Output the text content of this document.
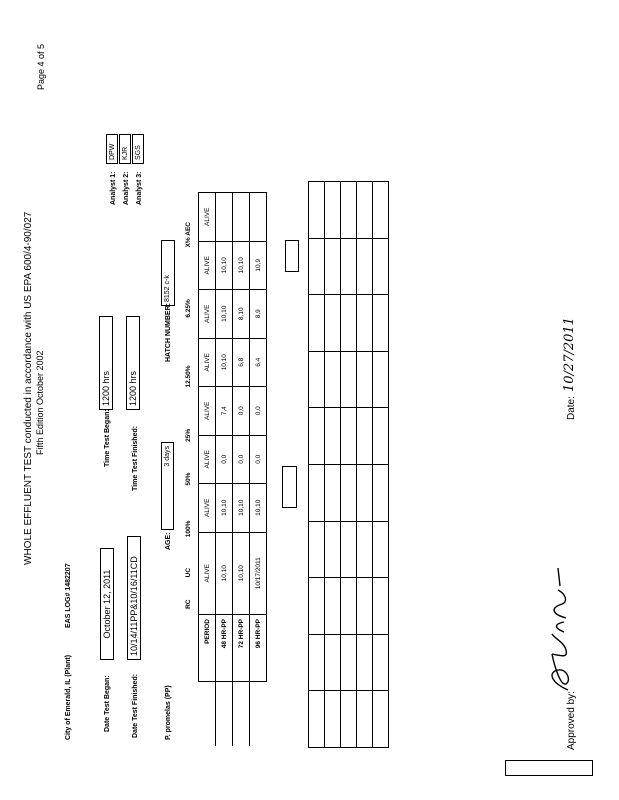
WHOLE EFFLUENT TEST conducted in accordance with US EPA 600/4-90/027 Fifth Edition October 2002
Page 4 of 5
City of Emerald, IL (Plant)
EAS LOG# 1482207
Date Test Began:
October 12, 2011
Date Test Finished:
10/14/11PP&10/16/11CD
Time Test Began:
1200 hrs
Time Test Finished:
1200 hrs
Analyst 1:
DPW
Analyst 2:
KJR
Analyst 3:
SGS
P. promelas (PP)
AGE:
3 days
HATCH NUMBER:
8152 c-k
	RC	UC	100%	50%	25%	12.50%	6.25%	X% AEC
	PERIOD	ALIVE	ALIVE	ALIVE	ALIVE	ALIVE	ALIVE	ALIVE	ALIVE
	48 HR-PP	10,10	10,10	0,0	7,4	10,10	10,10	10,10	
	72 HR-PP	10,10	10,10	0,0	0,0	6,8	8,10	10,10	
	96 HR-PP	10/17/2011	10,10	0,0	0,0	6,4	8,9	10,9	

Approved by:
Date:
10/27/2011
